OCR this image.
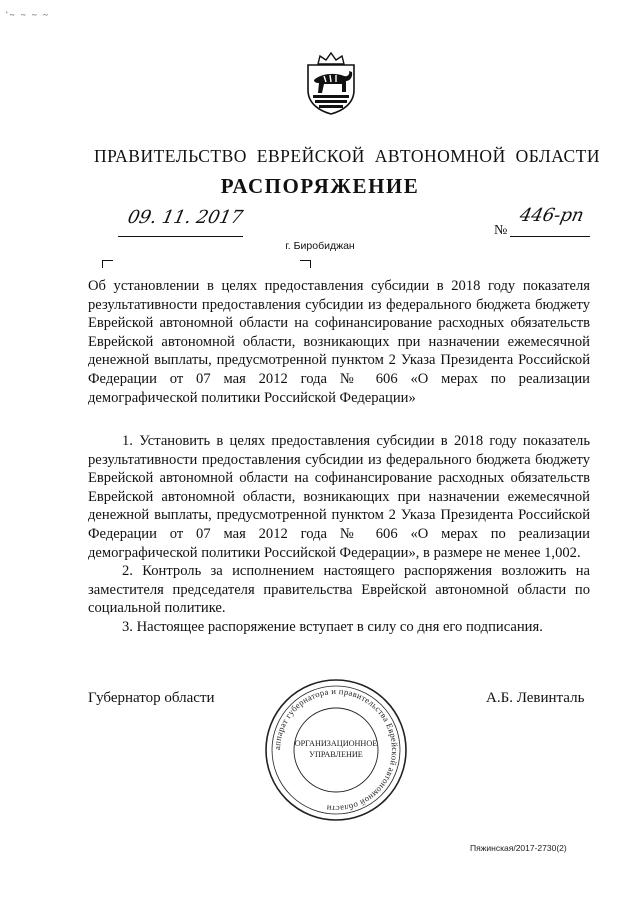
'~ ~ ~ ~
ПРАВИТЕЛЬСТВО ЕВРЕЙСКОЙ АВТОНОМНОЙ ОБЛАСТИ
РАСПОРЯЖЕНИЕ
09. 11. 2017
№
446-рп
г. Биробиджан
Об установлении в целях предоставления субсидии в 2018 году показателя результативности предоставления субсидии из федерального бюджета бюджету Еврейской автономной области на софинансирование расходных обязательств Еврейской автономной области, возникающих при назначении ежемесячной денежной выплаты, предусмотренной пунктом 2 Указа Президента Российской Федерации от 07 мая 2012 года № 606 «О мерах по реализации демографической политики Российской Федерации»

1. Установить в целях предоставления субсидии в 2018 году показатель результативности предоставления субсидии из федерального бюджета бюджету Еврейской автономной области на софинансирование расходных обязательств Еврейской автономной области, возникающих при назначении ежемесячной денежной выплаты, предусмотренной пунктом 2 Указа Президента Российской Федерации от 07 мая 2012 года № 606 «О мерах по реализации демографической политики Российской Федерации», в размере не менее 1,002.

2. Контроль за исполнением настоящего распоряжения возложить на заместителя председателя правительства Еврейской автономной области по социальной политике.

3. Настоящее распоряжение вступает в силу со дня его подписания.

Губернатор области	А.Б. Левинталь
аппарат губернатора и правительства Еврейской автономной области
ОРГАНИЗАЦИОННОЕ
УПРАВЛЕНИЕ
Пяжинская/2017-2730(2)
